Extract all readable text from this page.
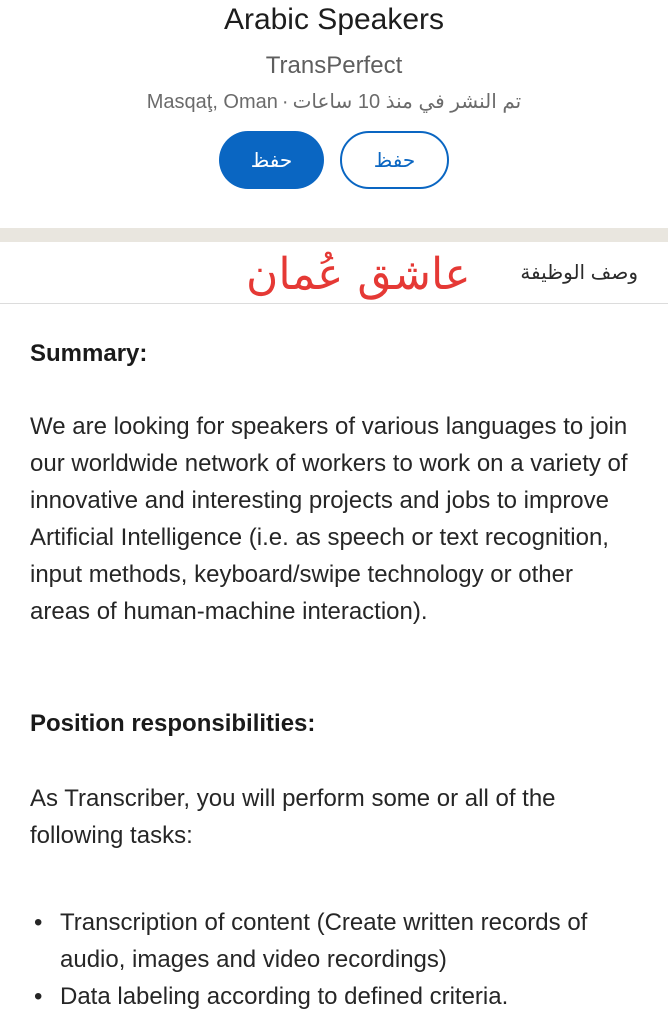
Arabic Speakers
TransPerfect
Masqaţ, Oman · تم النشر في منذ 10 ساعات
حفظ	حفظ
وصف الوظيفة
عاشق عُمان

Summary:

We are looking for speakers of various languages to join our worldwide network of workers to work on a variety of innovative and interesting projects and jobs to improve Artificial Intelligence (i.e. as speech or text recognition, input methods, keyboard/swipe technology or other areas of human-machine interaction).

Position responsibilities:

As Transcriber, you will perform some or all of the following tasks:

• Transcription of content (Create written records of audio, images and video recordings)
• Data labeling according to defined criteria.
